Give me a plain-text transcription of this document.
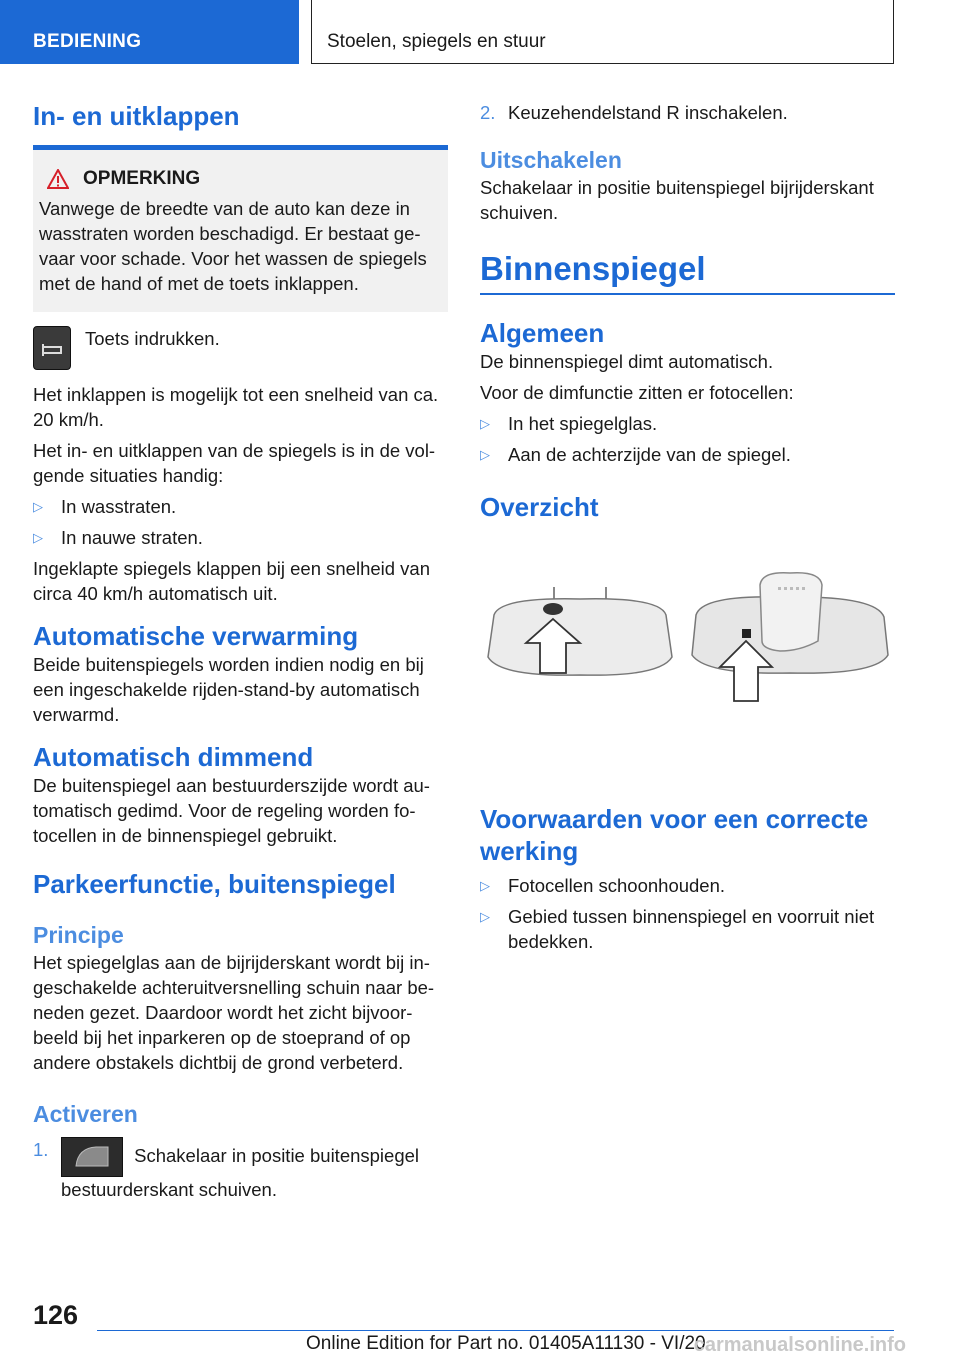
BEDIENING	Stoelen, spiegels en stuur
In- en uitklappen
OPMERKING

Vanwege de breedte van de auto kan deze in wasstraten worden beschadigd. Er bestaat ge-vaar voor schade. Voor het wassen de spiegels met de hand of met de toets inklappen.

Toets indrukken.

Het inklappen is mogelijk tot een snelheid van ca. 20 km/h.

Het in- en uitklappen van de spiegels is in de vol-gende situaties handig:

▷ In wasstraten.
▷ In nauwe straten.

Ingeklapte spiegels klappen bij een snelheid van circa 40 km/h automatisch uit.

Automatische verwarming

Beide buitenspiegels worden indien nodig en bij een ingeschakelde rijden-stand-by automatisch verwarmd.

Automatisch dimmend

De buitenspiegel aan bestuurderszijde wordt au-tomatisch gedimd. Voor de regeling worden fo-tocellen in de binnenspiegel gebruikt.

Parkeerfunctie, buitenspiegel
Principe

Het spiegelglas aan de bijrijderskant wordt bij in-geschakelde achteruitversnelling schuin naar be-neden gezet. Daardoor wordt het zicht bijvoor-beeld bij het inparkeren op de stoeprand of op andere obstakels dichtbij de grond verbeterd.

Activeren
1.	Schakelaar in positie buitenspiegel bestuurderskant schuiven.
2. Keuzehendelstand R inschakelen.
Uitschakelen

Schakelaar in positie buitenspiegel bijrijderskant schuiven.

Binnenspiegel
Algemeen

De binnenspiegel dimt automatisch.

Voor de dimfunctie zitten er fotocellen:

▷ In het spiegelglas.
▷ Aan de achterzijde van de spiegel.
Overzicht
Voorwaarden voor een correcte werking
▷ Fotocellen schoonhouden.
▷ Gebied tussen binnenspiegel en voorruit niet bedekken.
126
Online Edition for Part no. 01405A11130 - VI/20
carmanualsonline.info
